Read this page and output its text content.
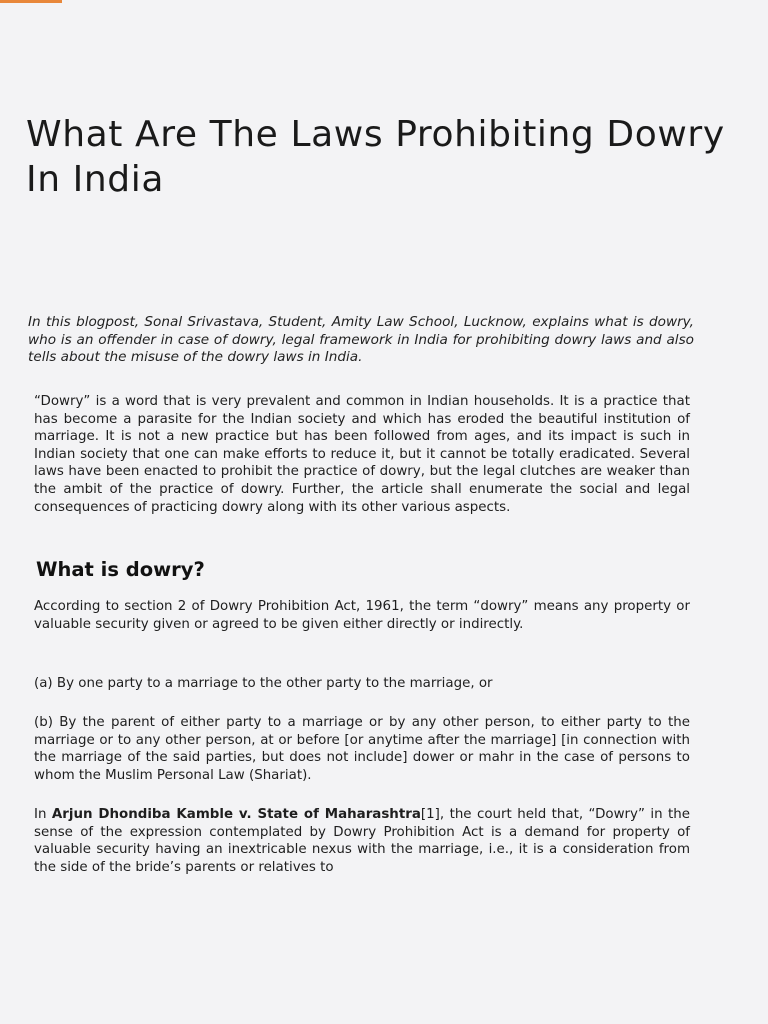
What Are The Laws Prohibiting Dowry In India

In this blogpost, Sonal Srivastava, Student, Amity Law School, Lucknow, explains what is dowry, who is an offender in case of dowry, legal framework in India for prohibiting dowry laws and also tells about the misuse of the dowry laws in India.

“Dowry” is a word that is very prevalent and common in Indian households. It is a practice that has become a parasite for the Indian society and which has eroded the beautiful institution of marriage. It is not a new practice but has been followed from ages, and its impact is such in Indian society that one can make efforts to reduce it, but it cannot be totally eradicated. Several laws have been enacted to prohibit the practice of dowry, but the legal clutches are weaker than the ambit of the practice of dowry. Further, the article shall enumerate the social and legal consequences of practicing dowry along with its other various aspects.

What is dowry?

According to section 2 of Dowry Prohibition Act, 1961, the term “dowry” means any property or valuable security given or agreed to be given either directly or indirectly.

(a) By one party to a marriage to the other party to the marriage, or

(b) By the parent of either party to a marriage or by any other person, to either party to the marriage or to any other person, at or before [or anytime after the marriage] [in connection with the marriage of the said parties, but does not include] dower or mahr in the case of persons to whom the Muslim Personal Law (Shariat).

In Arjun Dhondiba Kamble v. State of Maharashtra[1], the court held that, “Dowry” in the sense of the expression contemplated by Dowry Prohibition Act is a demand for property of valuable security having an inextricable nexus with the marriage, i.e., it is a consideration from the side of the bride’s parents or relatives to
